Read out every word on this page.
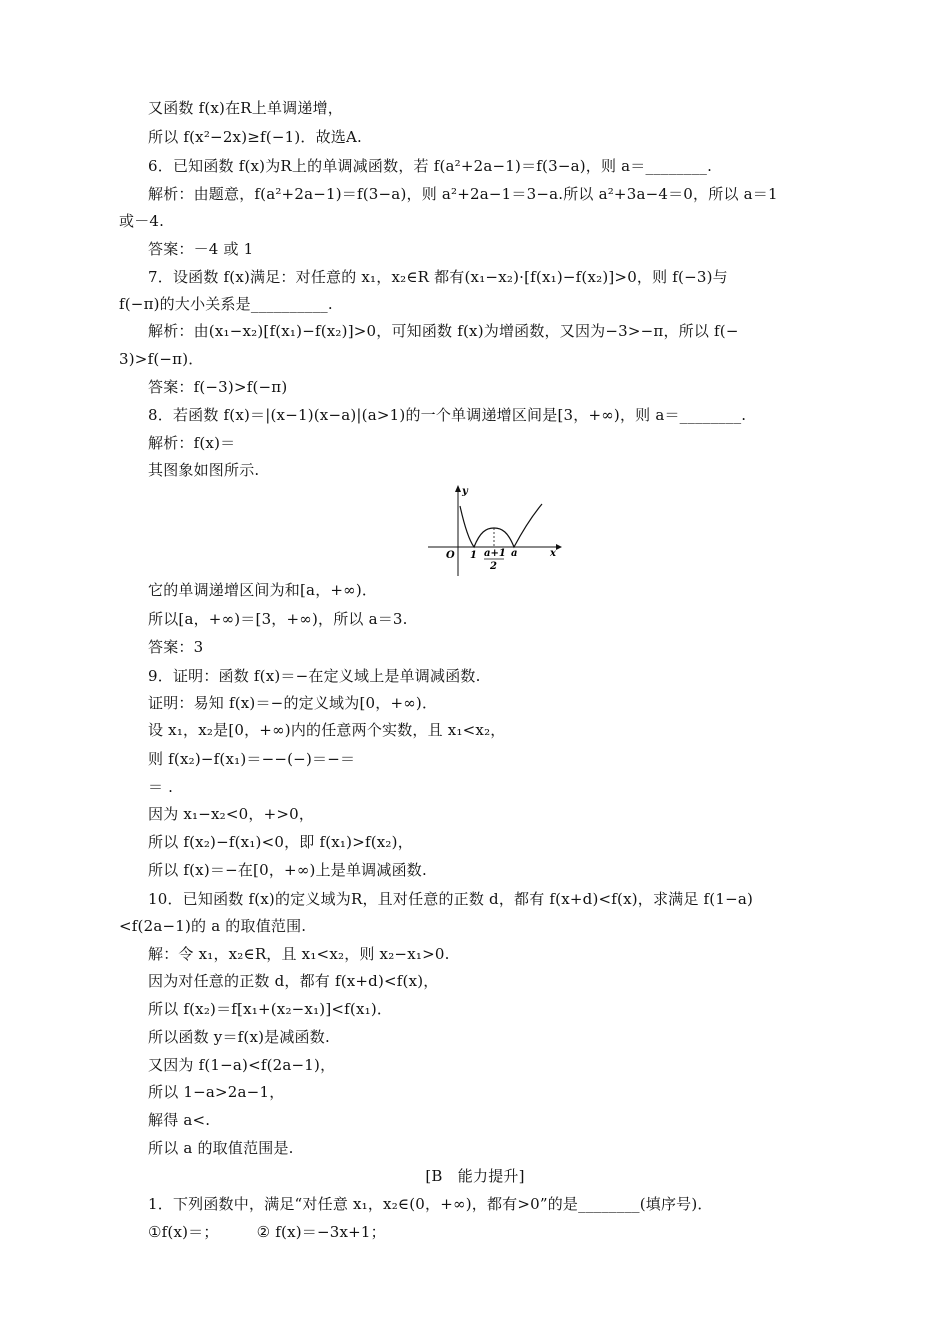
又函数 f(x)在R上单调递增，
所以 f(x²−2x)≥f(−1)．故选A.
6．已知函数 f(x)为R上的单调减函数，若 f(a²+2a−1)＝f(3−a)，则 a＝________.
解析：由题意，f(a²+2a−1)＝f(3−a)，则 a²+2a−1＝3−a.所以 a²+3a−4＝0，所以 a＝1
或－4.
答案：－4 或 1
7．设函数 f(x)满足：对任意的 x₁，x₂∈R 都有(x₁−x₂)·[f(x₁)−f(x₂)]>0，则 f(−3)与
f(−π)的大小关系是__________.
解析：由(x₁−x₂)[f(x₁)−f(x₂)]>0，可知函数 f(x)为增函数，又因为−3>−π，所以 f(−
3)>f(−π)．
答案：f(−3)>f(−π)
8．若函数 f(x)＝|(x−1)(x−a)|(a>1)的一个单调递增区间是[3，+∞)，则 a＝________.
解析：f(x)＝
其图象如图所示.
y
x
O 1 a+1
2
a
它的单调递增区间为和[a，+∞)．
所以[a，+∞)＝[3，+∞)，所以 a＝3.
答案：3
9．证明：函数 f(x)＝−在定义域上是单调减函数.
证明：易知 f(x)＝−的定义域为[0，+∞)．
设 x₁，x₂是[0，+∞)内的任意两个实数，且 x₁<x₂，
则 f(x₂)−f(x₁)＝−−(−)＝−＝
＝ .
因为 x₁−x₂<0，+>0，
所以 f(x₂)−f(x₁)<0，即 f(x₁)>f(x₂)，
所以 f(x)＝−在[0，+∞)上是单调减函数.
10．已知函数 f(x)的定义域为R，且对任意的正数 d，都有 f(x+d)<f(x)，求满足 f(1−a)
<f(2a−1)的 a 的取值范围.
解：令 x₁，x₂∈R，且 x₁<x₂，则 x₂−x₁>0.
因为对任意的正数 d，都有 f(x+d)<f(x)，
所以 f(x₂)＝f[x₁+(x₂−x₁)]<f(x₁)．
所以函数 y＝f(x)是减函数.
又因为 f(1−a)<f(2a−1)，
所以 1−a>2a−1，
解得 a<.
所以 a 的取值范围是.
[B　能力提升]
1．下列函数中，满足“对任意 x₁，x₂∈(0，+∞)，都有>0”的是________(填序号)．
①f(x)＝；　　　② f(x)＝−3x+1；
